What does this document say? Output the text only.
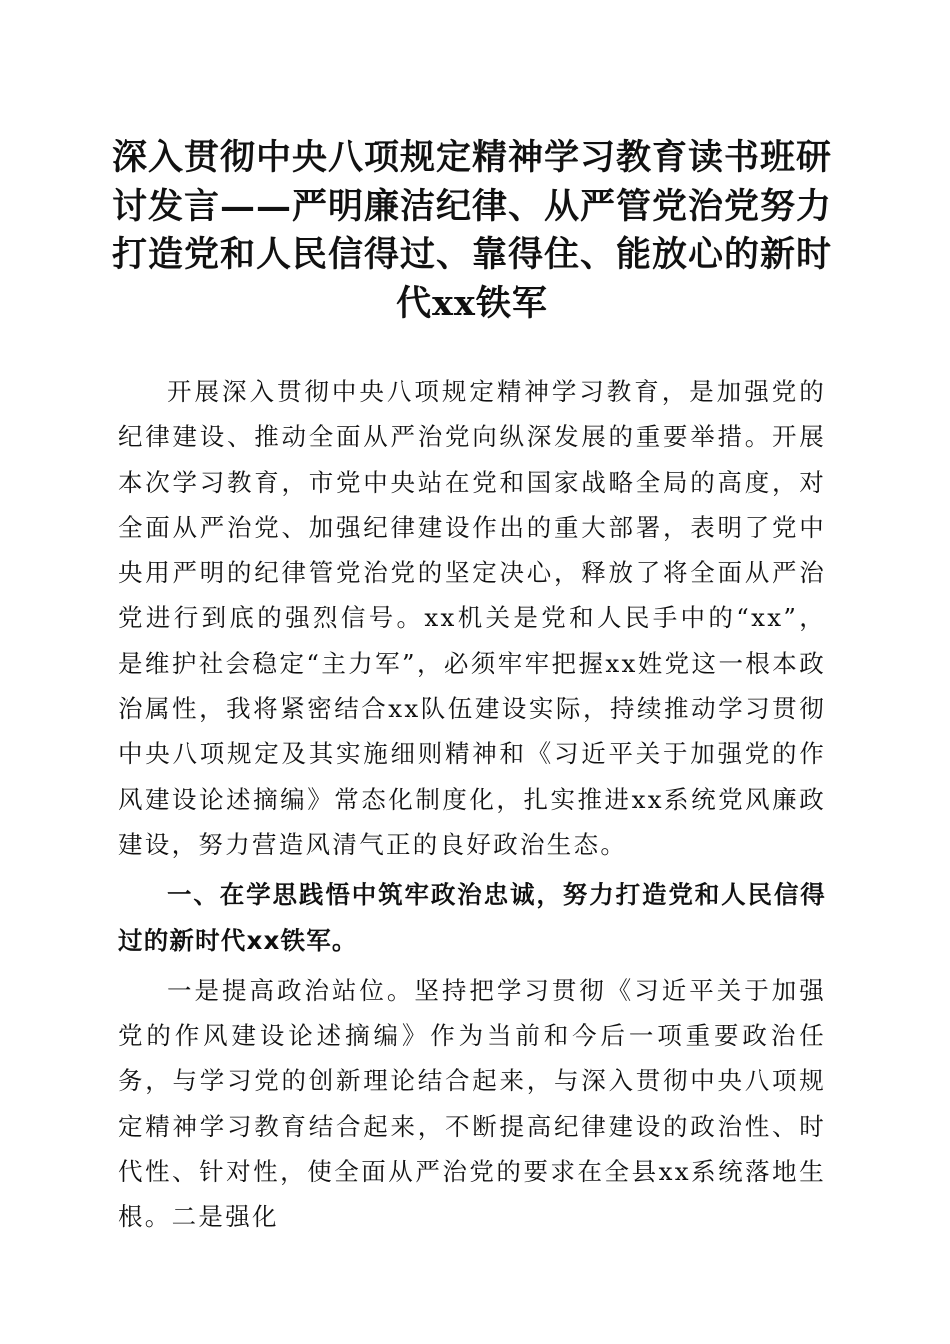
深入贯彻中央八项规定精神学习教育读书班研讨发言——严明廉洁纪律、从严管党治党努力打造党和人民信得过、靠得住、能放心的新时代xx铁军

开展深入贯彻中央八项规定精神学习教育，是加强党的纪律建设、推动全面从严治党向纵深发展的重要举措。开展本次学习教育，市党中央站在党和国家战略全局的高度，对全面从严治党、加强纪律建设作出的重大部署，表明了党中央用严明的纪律管党治党的坚定决心，释放了将全面从严治党进行到底的强烈信号。xx机关是党和人民手中的“xx”，是维护社会稳定“主力军”，必须牢牢把握xx姓党这一根本政治属性，我将紧密结合xx队伍建设实际，持续推动学习贯彻中央八项规定及其实施细则精神和《习近平关于加强党的作风建设论述摘编》常态化制度化，扎实推进xx系统党风廉政建设，努力营造风清气正的良好政治生态。

一、在学思践悟中筑牢政治忠诚，努力打造党和人民信得过的新时代xx铁军。

一是提高政治站位。坚持把学习贯彻《习近平关于加强党的作风建设论述摘编》作为当前和今后一项重要政治任务，与学习党的创新理论结合起来，与深入贯彻中央八项规定精神学习教育结合起来，不断提高纪律建设的政治性、时代性、针对性，使全面从严治党的要求在全县xx系统落地生根。二是强化
